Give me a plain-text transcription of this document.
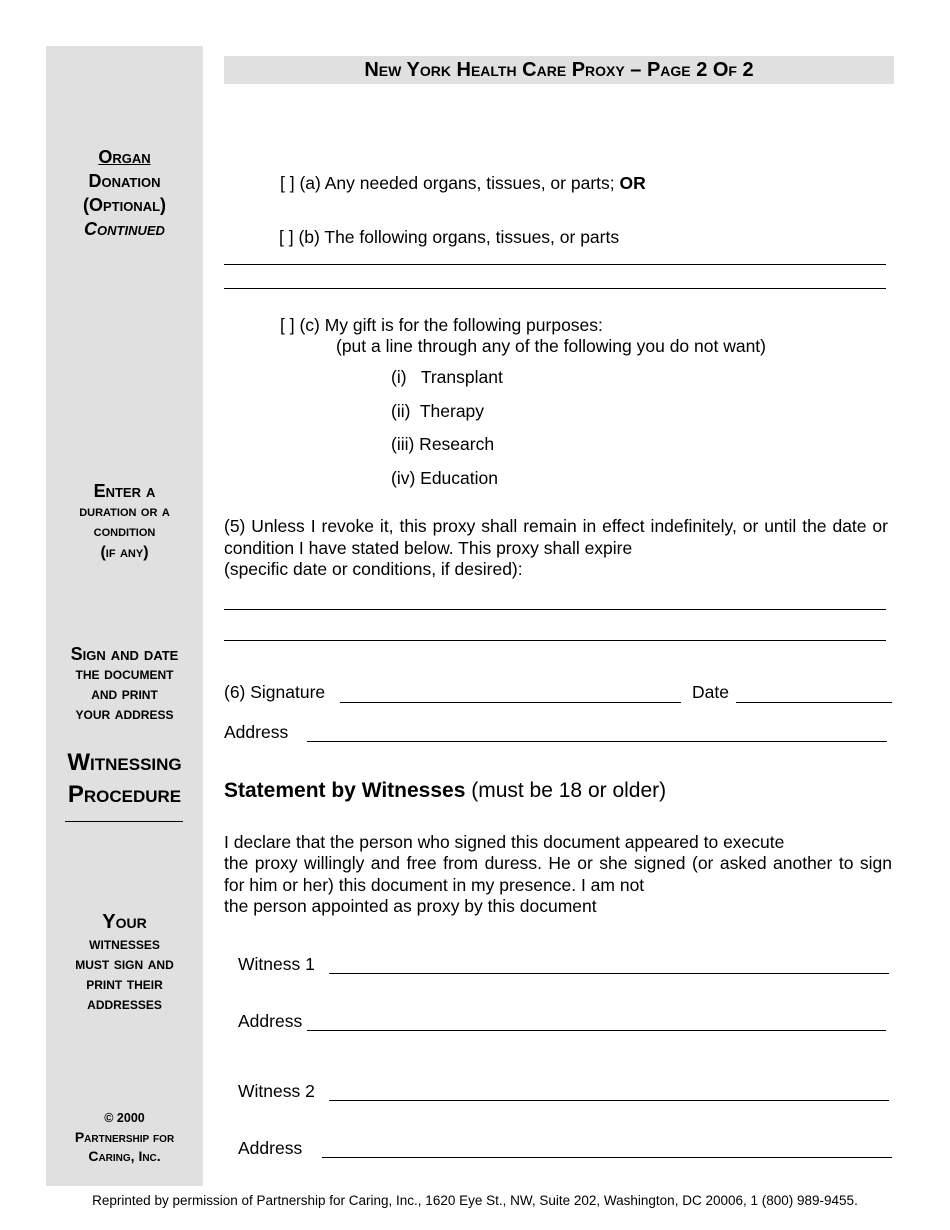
Organ
Donation
(Optional)
Continued
Enter a
duration or a
condition
(if any)
Sign and date
the document
and print
your address
Witnessing
Procedure
Your
witnesses
must sign and
print their
addresses
© 2000
Partnership for
Caring, Inc.
New York Health Care Proxy – Page 2 Of 2
[ ] (a) Any needed organs, tissues, or parts; OR
[ ] (b) The following organs, tissues, or parts
[ ] (c) My gift is for the following purposes:
(put a line through any of the following you do not want)
(i)   Transplant
(ii)  Therapy
(iii) Research
(iv) Education
(5) Unless I revoke it, this proxy shall remain in effect indefinitely, or until the date or condition I have stated below. This proxy shall expire
(specific date or conditions, if desired):
(6) Signature	Date
Address
Statement by Witnesses (must be 18 or older)
I declare that the person who signed this document appeared to execute
the proxy willingly and free from duress. He or she signed (or asked another to sign for him or her) this document in my presence. I am not
the person appointed as proxy by this document
Witness 1
Address
Witness 2
Address
Reprinted by permission of Partnership for Caring, Inc., 1620 Eye St., NW, Suite 202, Washington, DC 20006, 1 (800) 989-9455.
